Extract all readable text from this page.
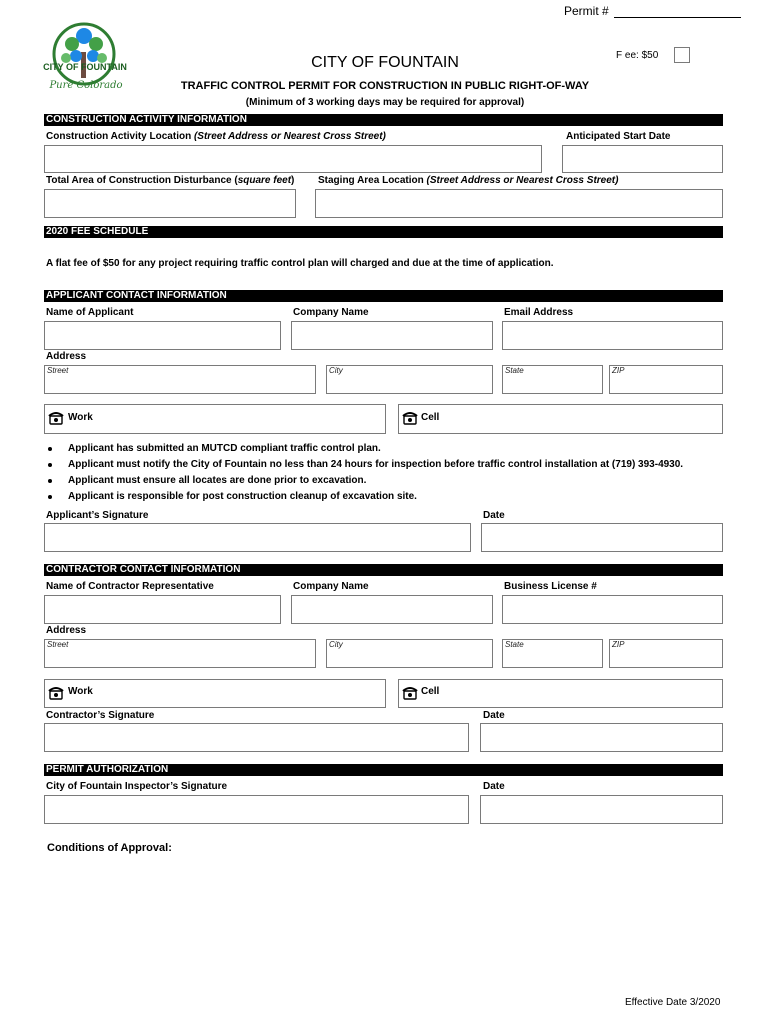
CITY OF FOUNTAIN
Pure Colorado
Permit #
CITY OF FOUNTAIN	F ee: $50
TRAFFIC CONTROL PERMIT FOR CONSTRUCTION IN PUBLIC RIGHT-OF-WAY
(Minimum of 3 working days may be required for approval)
CONSTRUCTION ACTIVITY INFORMATION
Construction Activity Location (Street Address or Nearest Cross Street)	Anticipated Start Date
Total Area of Construction Disturbance (square feet) Staging Area Location (Street Address or Nearest Cross Street)
2020 FEE SCHEDULE
A flat fee of $50 for any project requiring traffic control plan will charged and due at the time of application.
APPLICANT CONTACT INFORMATION
Name of Applicant	Company Name	Email Address
Address
Street	City	State	ZIP
Work	Cell
Applicant has submitted an MUTCD compliant traffic control plan.
Applicant must notify the City of Fountain no less than 24 hours for inspection before traffic control installation at (719) 393-4930.
Applicant must ensure all locates are done prior to excavation.
Applicant is responsible for post construction cleanup of excavation site.
Applicant’s Signature	Date
CONTRACTOR CONTACT INFORMATION
Name of Contractor Representative	Company Name	Business License #
Address
Street	City	State	ZIP
Work	Cell
Contractor’s Signature	Date
PERMIT AUTHORIZATION
City of Fountain Inspector’s Signature	Date
Conditions of Approval:
Effective Date 3/2020
